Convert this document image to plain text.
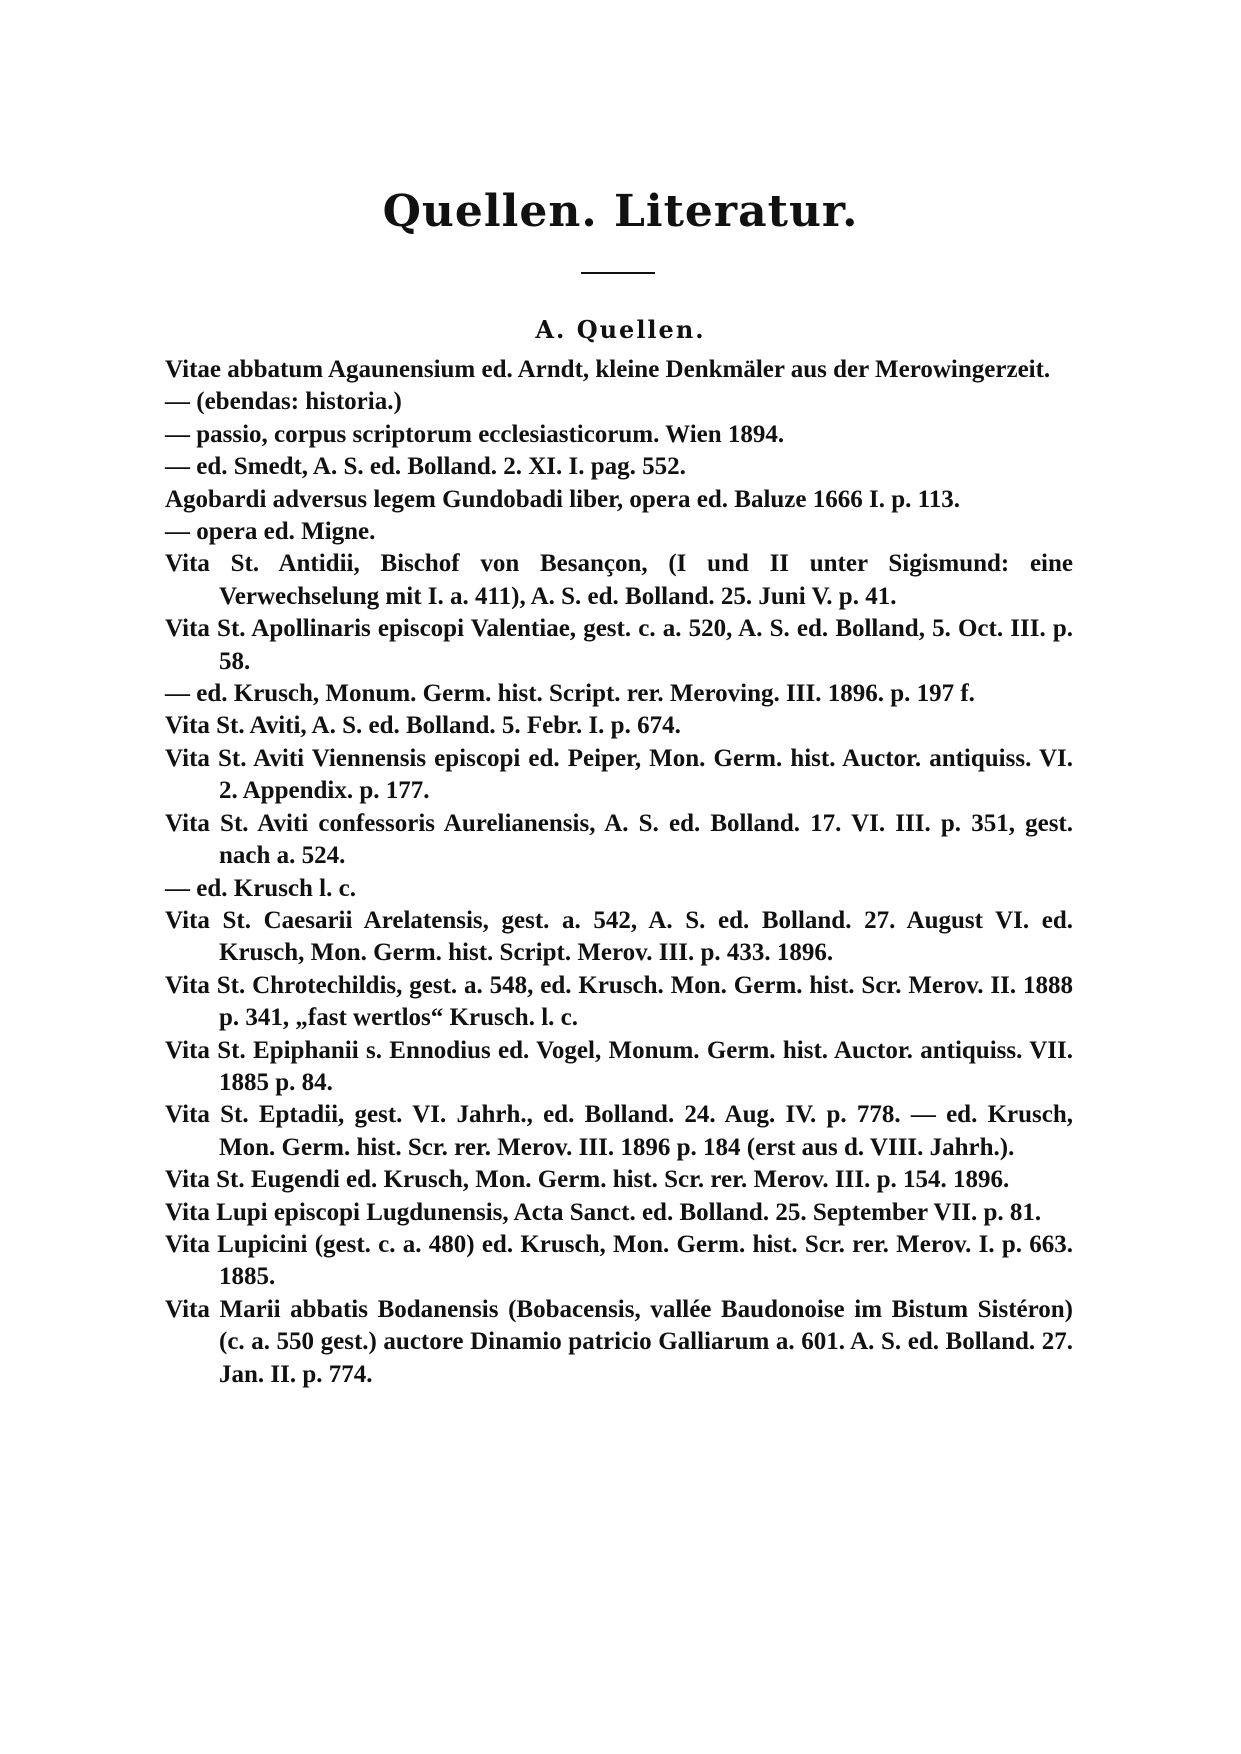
Quellen. Literatur.
A. Quellen.

Vitae abbatum Agaunensium ed. Arndt, kleine Denkmäler aus der Merowingerzeit.

— (ebendas: historia.)

— passio, corpus scriptorum ecclesiasticorum. Wien 1894.

— ed. Smedt, A. S. ed. Bolland. 2. XI. I. pag. 552.

Agobardi adversus legem Gundobadi liber, opera ed. Baluze 1666 I. p. 113.

— opera ed. Migne.

Vita St. Antidii, Bischof von Besançon, (I und II unter Sigismund: eine Verwechselung mit I. a. 411), A. S. ed. Bolland. 25. Juni V. p. 41.

Vita St. Apollinaris episcopi Valentiae, gest. c. a. 520, A. S. ed. Bolland, 5. Oct. III. p. 58.

— ed. Krusch, Monum. Germ. hist. Script. rer. Meroving. III. 1896. p. 197 f.

Vita St. Aviti, A. S. ed. Bolland. 5. Febr. I. p. 674.

Vita St. Aviti Viennensis episcopi ed. Peiper, Mon. Germ. hist. Auctor. antiquiss. VI. 2. Appendix. p. 177.

Vita St. Aviti confessoris Aurelianensis, A. S. ed. Bolland. 17. VI. III. p. 351, gest. nach a. 524.

— ed. Krusch l. c.

Vita St. Caesarii Arelatensis, gest. a. 542, A. S. ed. Bolland. 27. August VI. ed. Krusch, Mon. Germ. hist. Script. Merov. III. p. 433. 1896.

Vita St. Chrotechildis, gest. a. 548, ed. Krusch. Mon. Germ. hist. Scr. Merov. II. 1888 p. 341, „fast wertlos“ Krusch. l. c.

Vita St. Epiphanii s. Ennodius ed. Vogel, Monum. Germ. hist. Auctor. antiquiss. VII. 1885 p. 84.

Vita St. Eptadii, gest. VI. Jahrh., ed. Bolland. 24. Aug. IV. p. 778. — ed. Krusch, Mon. Germ. hist. Scr. rer. Merov. III. 1896 p. 184 (erst aus d. VIII. Jahrh.).

Vita St. Eugendi ed. Krusch, Mon. Germ. hist. Scr. rer. Merov. III. p. 154. 1896.

Vita Lupi episcopi Lugdunensis, Acta Sanct. ed. Bolland. 25. September VII. p. 81.

Vita Lupicini (gest. c. a. 480) ed. Krusch, Mon. Germ. hist. Scr. rer. Merov. I. p. 663. 1885.

Vita Marii abbatis Bodanensis (Bobacensis, vallée Baudonoise im Bistum Sistéron) (c. a. 550 gest.) auctore Dinamio patricio Galliarum a. 601. A. S. ed. Bolland. 27. Jan. II. p. 774.
